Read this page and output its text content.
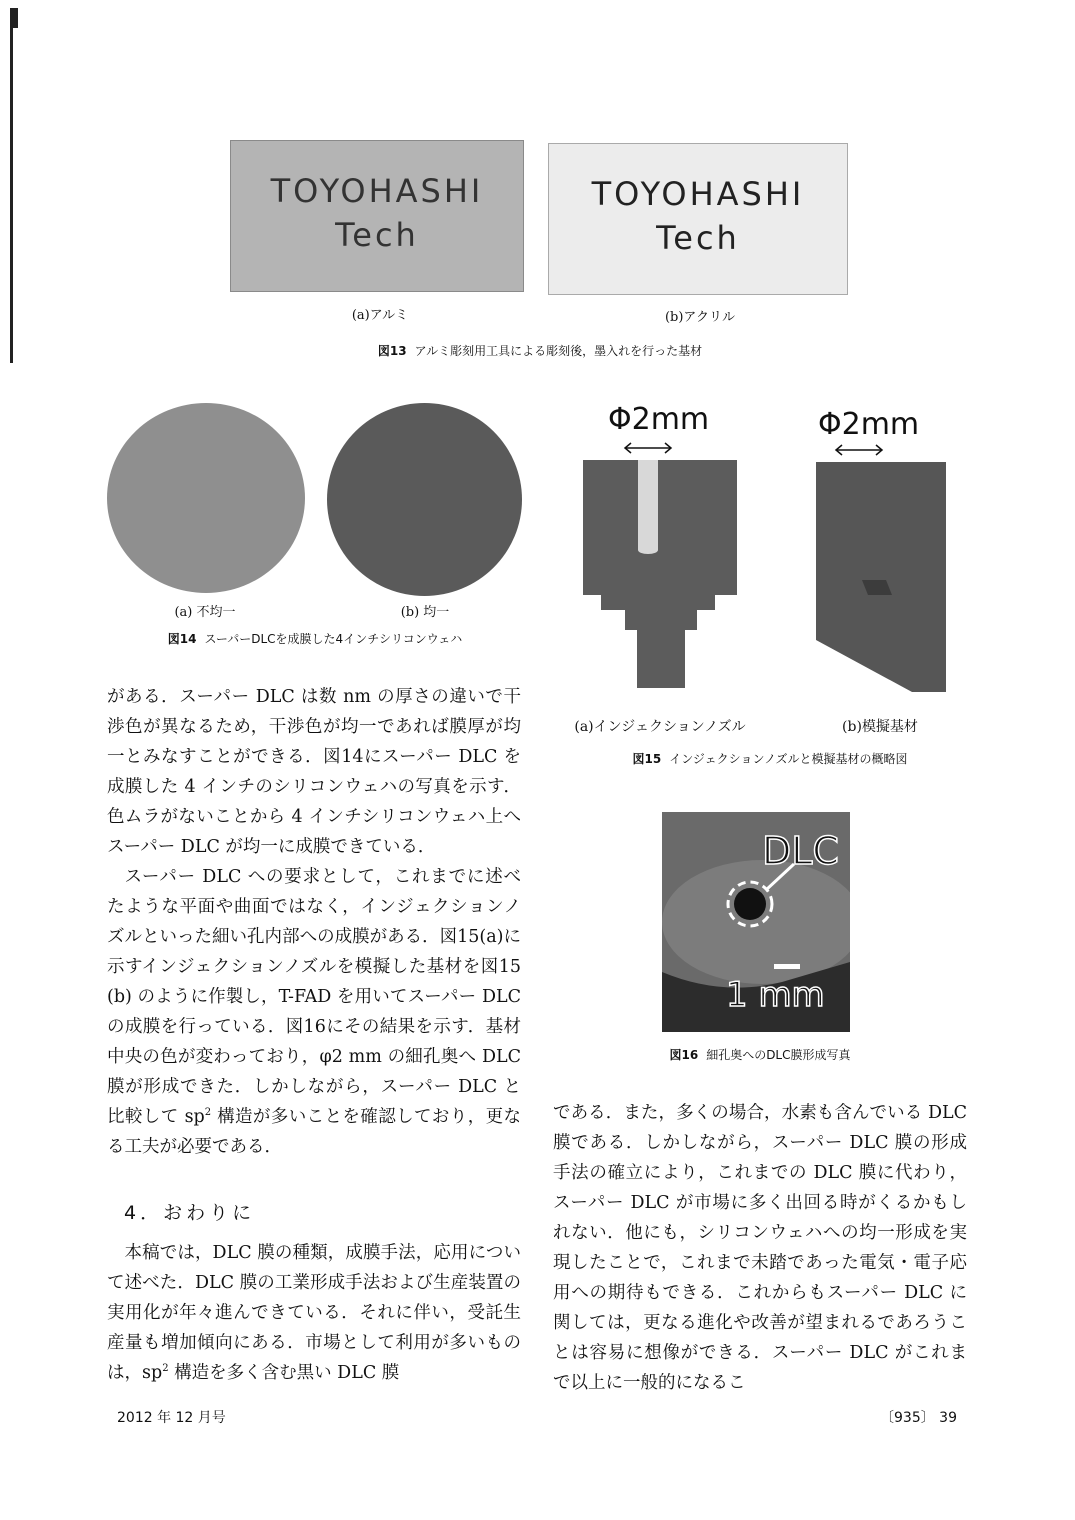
TOYOHASHI
Tech
TOYOHASHI
Tech
(a)アルミ	(b)アクリル
図13 アルミ彫刻用工具による彫刻後，墨入れを行った基材
(a) 不均一	(b) 均一
図14 スーパーDLCを成膜した4インチシリコンウェハ
Φ2mm	Φ2mm
(a)インジェクションノズル	(b)模擬基材
図15 インジェクションノズルと模擬基材の概略図
DLC
1 mm
図16 細孔奥へのDLC膜形成写真

がある．スーパー DLC は数 nm の厚さの違いで干渉色が異なるため，干渉色が均一であれば膜厚が均一とみなすことができる．図14にスーパー DLC を成膜した 4 インチのシリコンウェハの写真を示す．色ムラがないことから 4 インチシリコンウェハ上へスーパー DLC が均一に成膜できている．

スーパー DLC への要求として，これまでに述べたような平面や曲面ではなく，インジェクションノズルといった細い孔内部への成膜がある．図15(a)に示すインジェクションノズルを模擬した基材を図15 (b) のように作製し，T-FAD を用いてスーパー DLC の成膜を行っている．図16にその結果を示す．基材中央の色が変わっており，φ2 mm の細孔奥へ DLC 膜が形成できた．しかしながら，スーパー DLC と比較して $sp^2$ 構造が多いことを確認しており，更なる工夫が必要である．

4．おわりに

本稿では，DLC 膜の種類，成膜手法，応用について述べた．DLC 膜の工業形成手法および生産装置の実用化が年々進んできている．それに伴い，受託生産量も増加傾向にある．市場として利用が多いものは，$sp^2$ 構造を多く含む黒い DLC 膜

である．また，多くの場合，水素も含んでいる DLC 膜である．しかしながら，スーパー DLC 膜の形成手法の確立により，これまでの DLC 膜に代わり，スーパー DLC が市場に多く出回る時がくるかもしれない．他にも，シリコンウェハへの均一形成を実現したことで，これまで未踏であった電気・電子応用への期待もできる．これからもスーパー DLC に関しては，更なる進化や改善が望まれるであろうことは容易に想像ができる．スーパー DLC がこれまで以上に一般的になるこ

2012 年 12 月号	〔935〕 39
